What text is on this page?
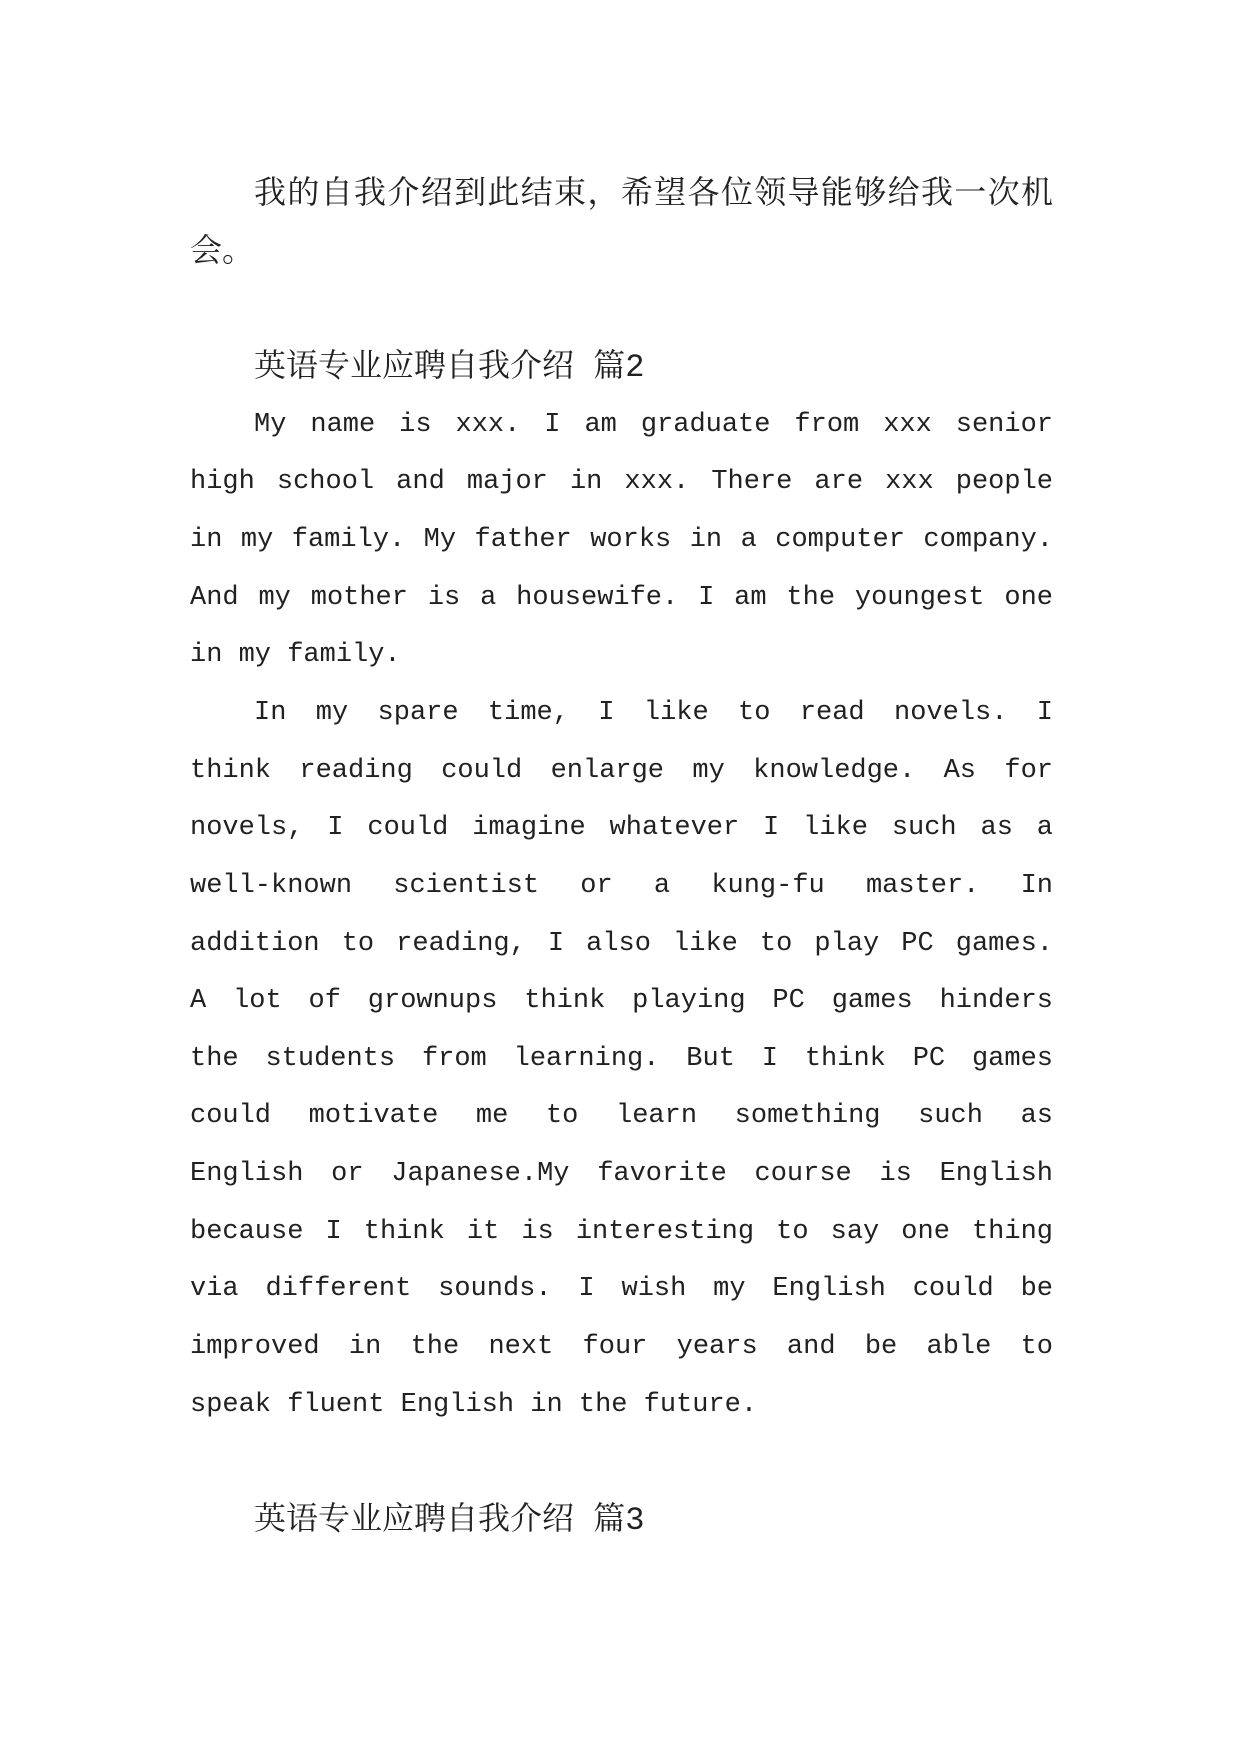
我的自我介绍到此结束，希望各位领导能够给我一次机
会。
英语专业应聘自我介绍 篇2
My name is xxx. I am graduate from xxx senior
high school and major in xxx. There are xxx people
in my family. My father works in a computer company.
And my mother is a housewife. I am the youngest one
in my family.
In my spare time, I like to read novels. I
think reading could enlarge my knowledge. As for
novels, I could imagine whatever I like such as a
well-known scientist or a kung-fu master. In
addition to reading, I also like to play PC games.
A lot of grownups think playing PC games hinders
the students from learning. But I think PC games
could motivate me to learn something such as
English or Japanese.My favorite course is English
because I think it is interesting to say one thing
via different sounds. I wish my English could be
improved in the next four years and be able to
speak fluent English in the future.
英语专业应聘自我介绍 篇3
